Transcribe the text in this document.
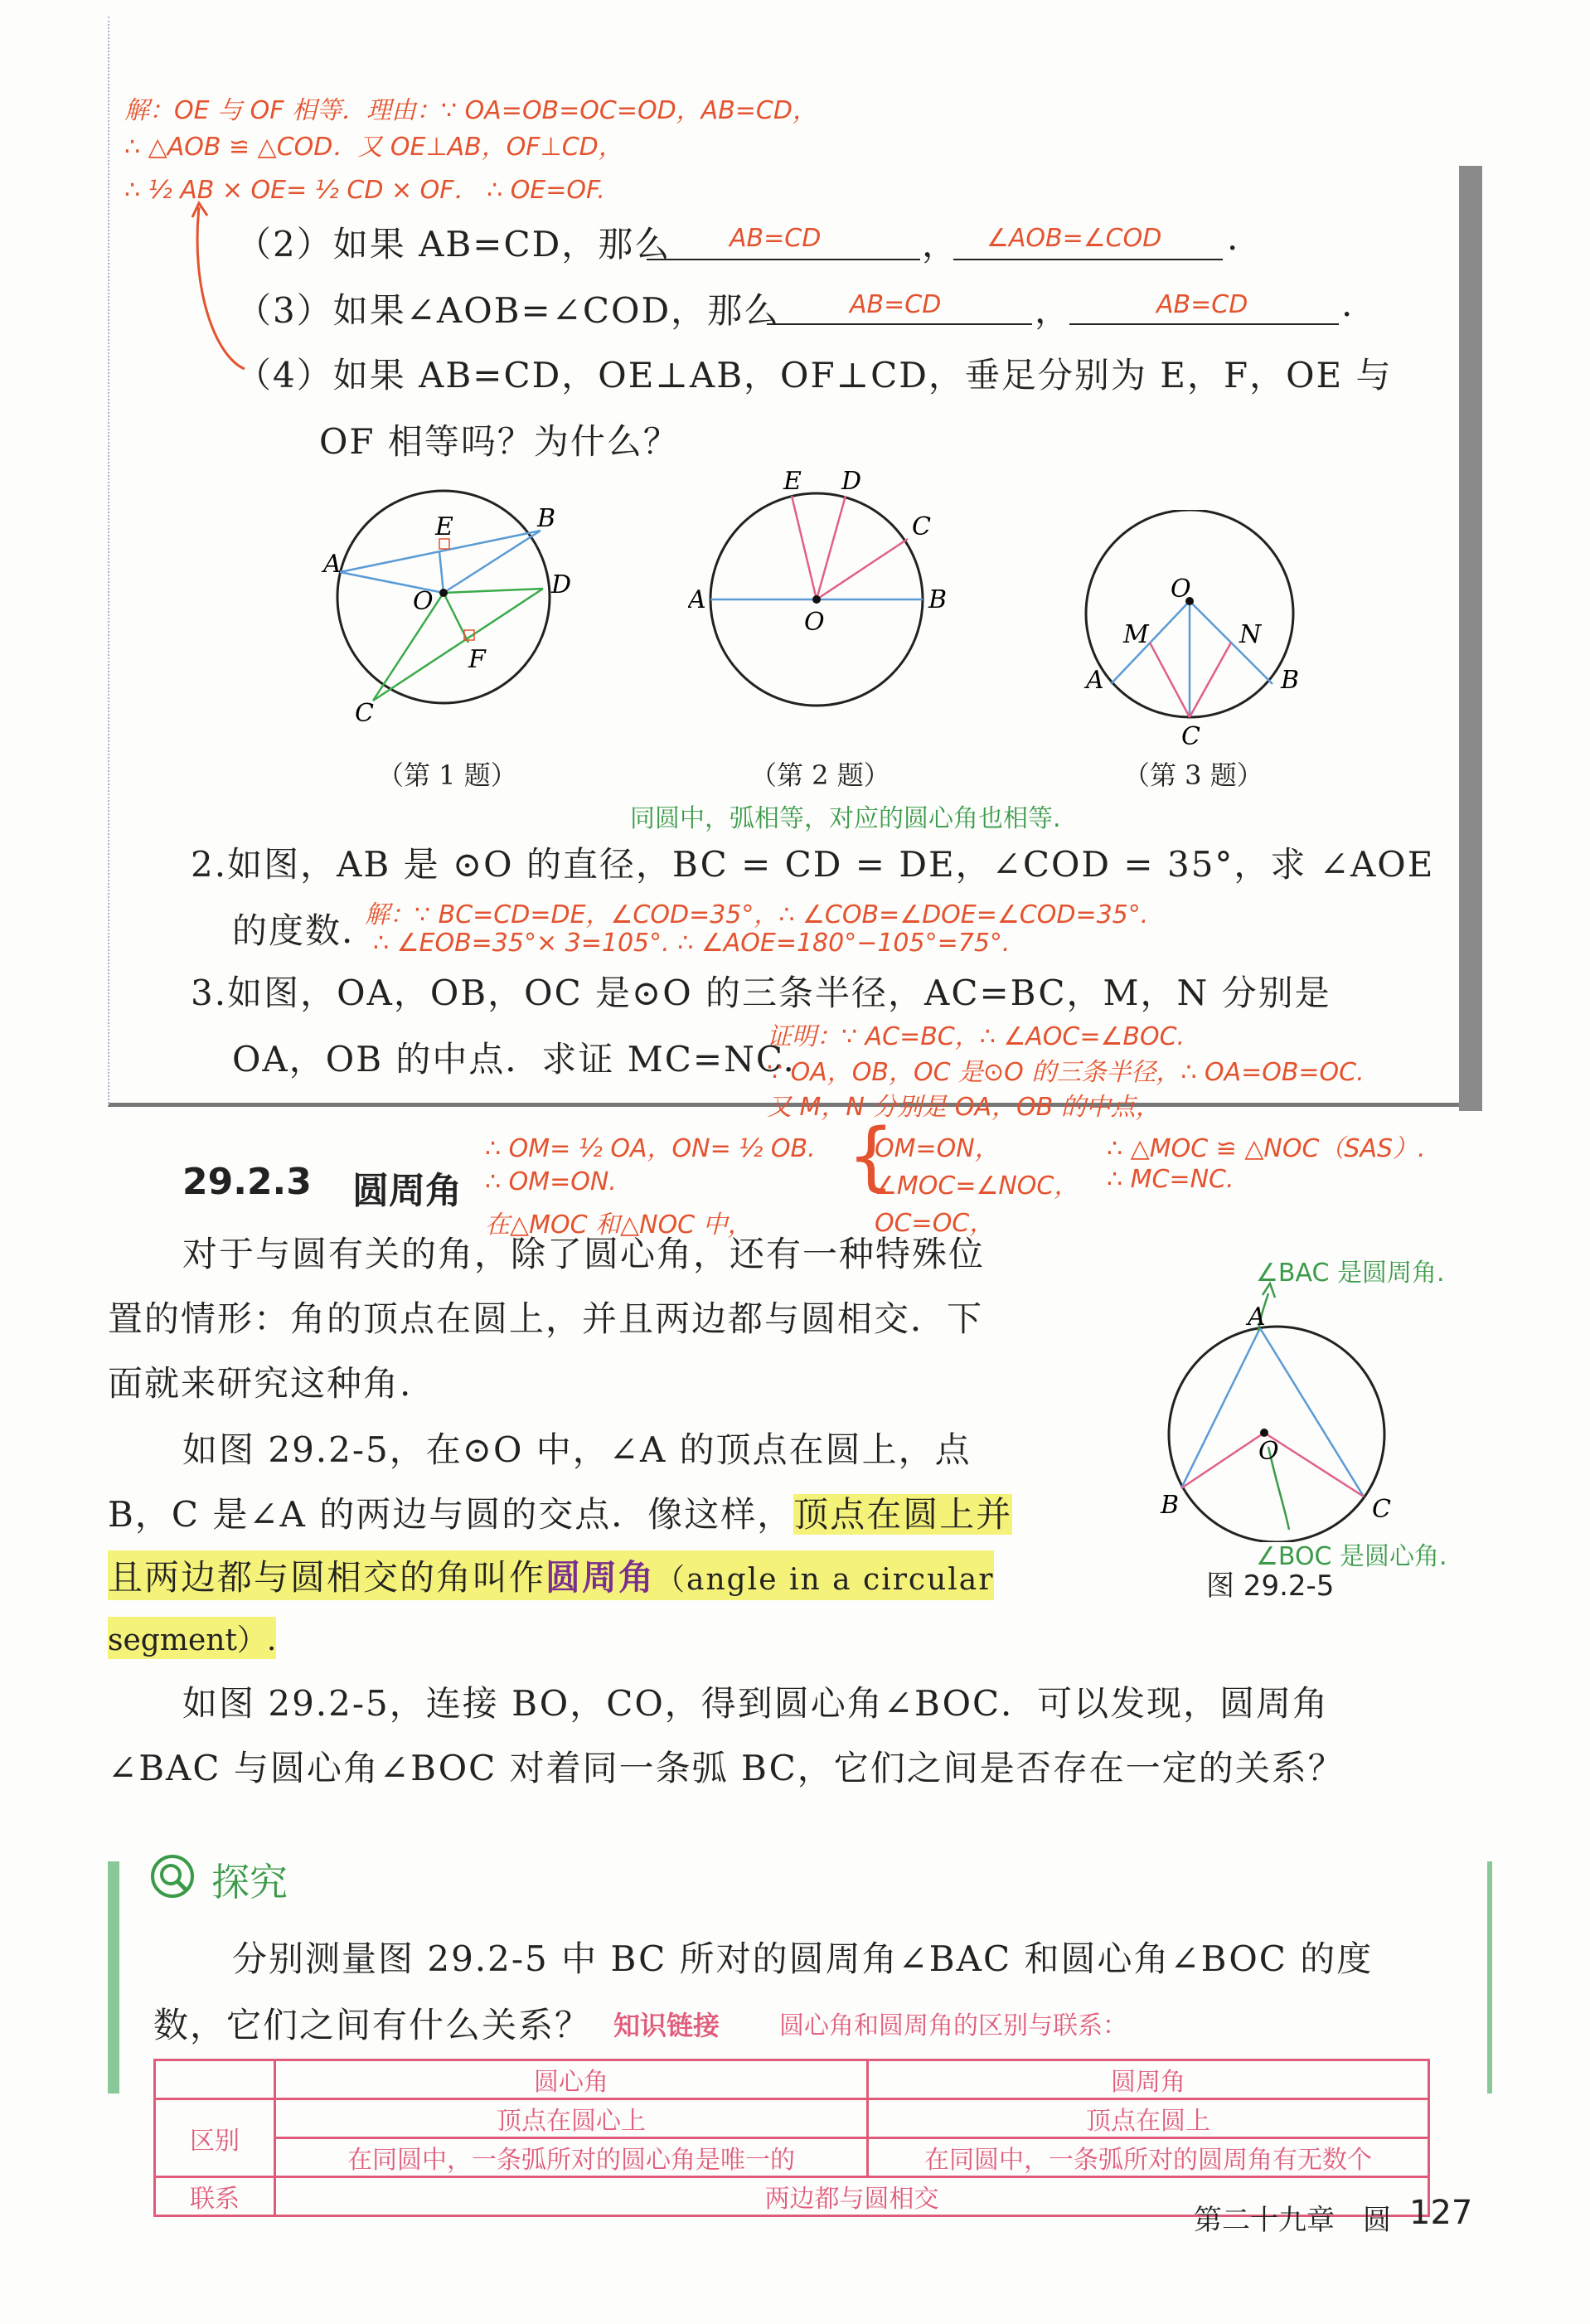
解：OE 与 OF 相等．理由：∵ OA=OB=OC=OD，AB=CD，
∴ △AOB ≌ △COD．又 OE⊥AB，OF⊥CD，
∴ ½ AB × OE= ½ CD × OF． ∴ OE=OF.
（2）如果 AB=CD，那么 AB=CD	， ∠AOB=∠COD .
（3）如果∠AOB=∠COD，那么	AB=CD	，	AB=CD	.
（4）如果 AB=CD，OE⊥AB，OF⊥CD，垂足分别为 E，F，OE 与
OF 相等吗？为什么？
A
E	B
O
D
F
C
E D
C
A	B
O
O
M	N
A	B
C
（第 1 题）	（第 2 题）	（第 3 题）
同圆中，弧相等，对应的圆心角也相等.
2.如图，AB 是 ⊙O 的直径，BC = CD = DE，∠COD = 35°，求 ∠AOE
的度数. 解：∵ BC=CD=DE，∠COD=35°，∴ ∠COB=∠DOE=∠COD=35°.
∴ ∠EOB=35°× 3=105°. ∴ ∠AOE=180°−105°=75°.
3.如图，OA，OB，OC 是⊙O 的三条半径，AC=BC，M，N 分别是
OA，OB 的中点．求证 MC=NC.
证明：∵ AC=BC，∴ ∠AOC=∠BOC.
∵ OA，OB，OC 是⊙O 的三条半径，∴ OA=OB=OC.
又 M，N 分别是 OA，OB 的中点，
∴ OM= ½ OA，ON= ½ OB.
∴ OM=ON.
在△MOC 和△NOC 中，
{
OM=ON，
∠MOC=∠NOC，
OC=OC，
∴ △MOC ≌ △NOC（SAS）.
∴ MC=NC.
29.2.3 圆周角
对于与圆有关的角，除了圆心角，还有一种特殊位
置的情形：角的顶点在圆上，并且两边都与圆相交．下
面就来研究这种角.
如图 29.2-5，在⊙O 中，∠A 的顶点在圆上，点
B，C 是∠A 的两边与圆的交点．像这样，顶点在圆上并
且两边都与圆相交的角叫作圆周角（angle in a circular
segment）.
∠BAC 是圆周角.
A
O
B	C
∠BOC 是圆心角.
图 29.2-5
如图 29.2-5，连接 BO，CO，得到圆心角∠BOC．可以发现，圆周角
∠BAC 与圆心角∠BOC 对着同一条弧 BC，它们之间是否存在一定的关系？
探究
分别测量图 29.2-5 中 BC 所对的圆周角∠BAC 和圆心角∠BOC 的度
数，它们之间有什么关系？ 知识链接 圆心角和圆周角的区别与联系：
	圆心角	圆周角
区别	顶点在圆心上	顶点在圆上
	在同圆中，一条弧所对的圆心角是唯一的	在同圆中，一条弧所对的圆周角有无数个
联系	两边都与圆相交	
第二十九章　圆 127
